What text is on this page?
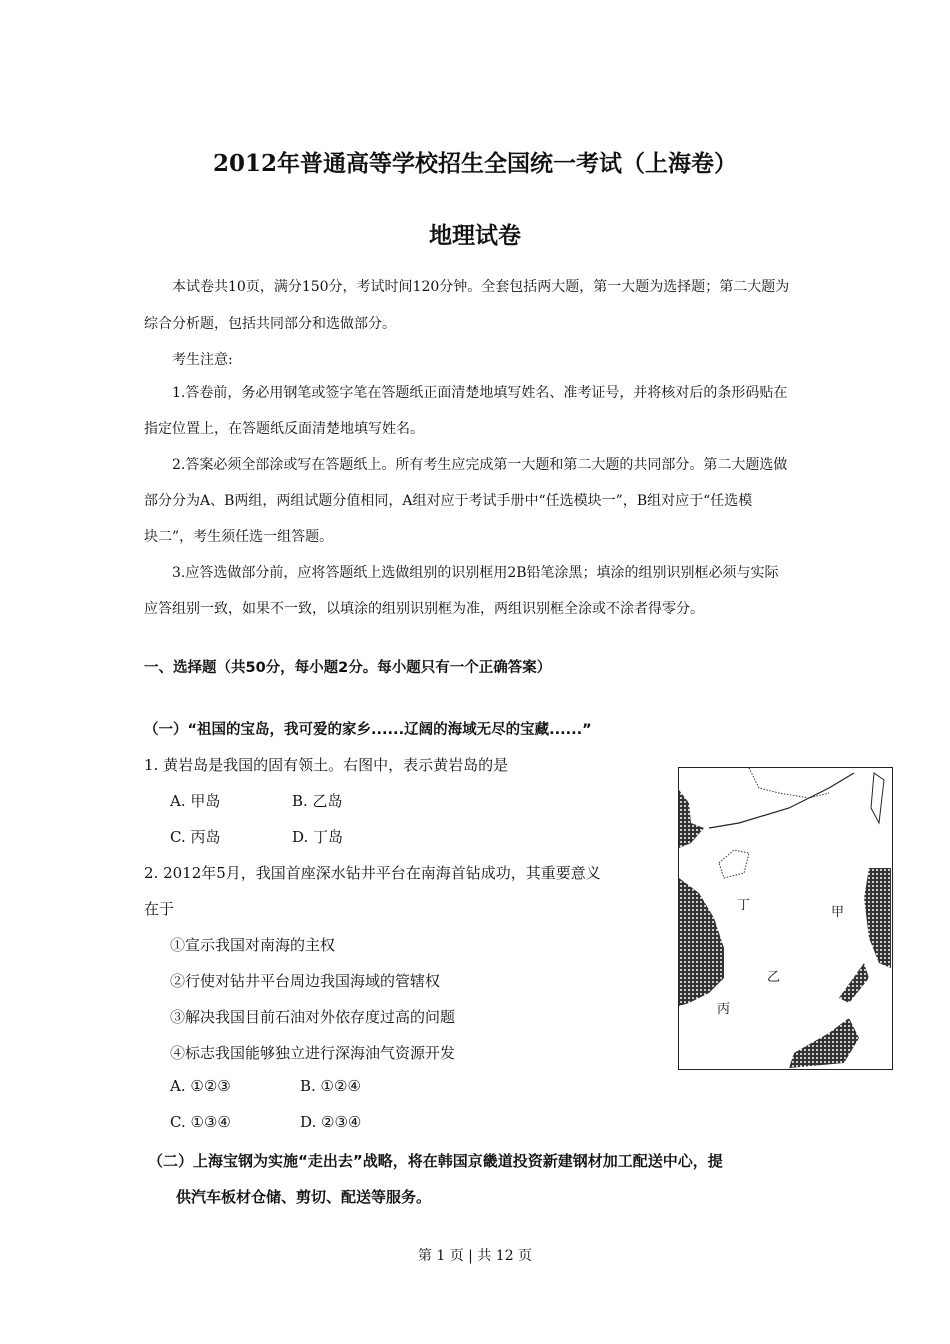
2012年普通高等学校招生全国统一考试（上海卷）
地理试卷
本试卷共10页，满分150分，考试时间120分钟。全套包括两大题，第一大题为选择题；第二大题为
综合分析题，包括共同部分和选做部分。
考生注意:
1.答卷前，务必用钢笔或签字笔在答题纸正面清楚地填写姓名、准考证号，并将核对后的条形码贴在
指定位置上，在答题纸反面清楚地填写姓名。
2.答案必须全部涂或写在答题纸上。所有考生应完成第一大题和第二大题的共同部分。第二大题选做
部分分为A、B两组，两组试题分值相同，A组对应于考试手册中“任选模块一”，B组对应于“任选模
块二”，考生须任选一组答题。
3.应答选做部分前，应将答题纸上选做组别的识别框用2B铅笔涂黑；填涂的组别识别框必须与实际
应答组别一致，如果不一致，以填涂的组别识别框为准，两组识别框全涂或不涂者得零分。
一、选择题（共50分，每小题2分。每小题只有一个正确答案）
（一）“祖国的宝岛，我可爱的家乡......辽阔的海域无尽的宝藏......”
1. 黄岩岛是我国的固有领土。右图中，表示黄岩岛的是
A. 甲岛	B. 乙岛
C. 丙岛	D. 丁岛
2. 2012年5月，我国首座深水钻井平台在南海首钻成功，其重要意义
在于
①宣示我国对南海的主权
②行使对钻井平台周边我国海域的管辖权
③解决我国目前石油对外依存度过高的问题
④标志我国能够独立进行深海油气资源开发
A. ①②③	B. ①②④
C. ①③④	D. ②③④
（二）上海宝钢为实施“走出去”战略，将在韩国京畿道投资新建钢材加工配送中心，提
供汽车板材仓储、剪切、配送等服务。
甲
乙
丙
丁
第 1 页 | 共 12 页
